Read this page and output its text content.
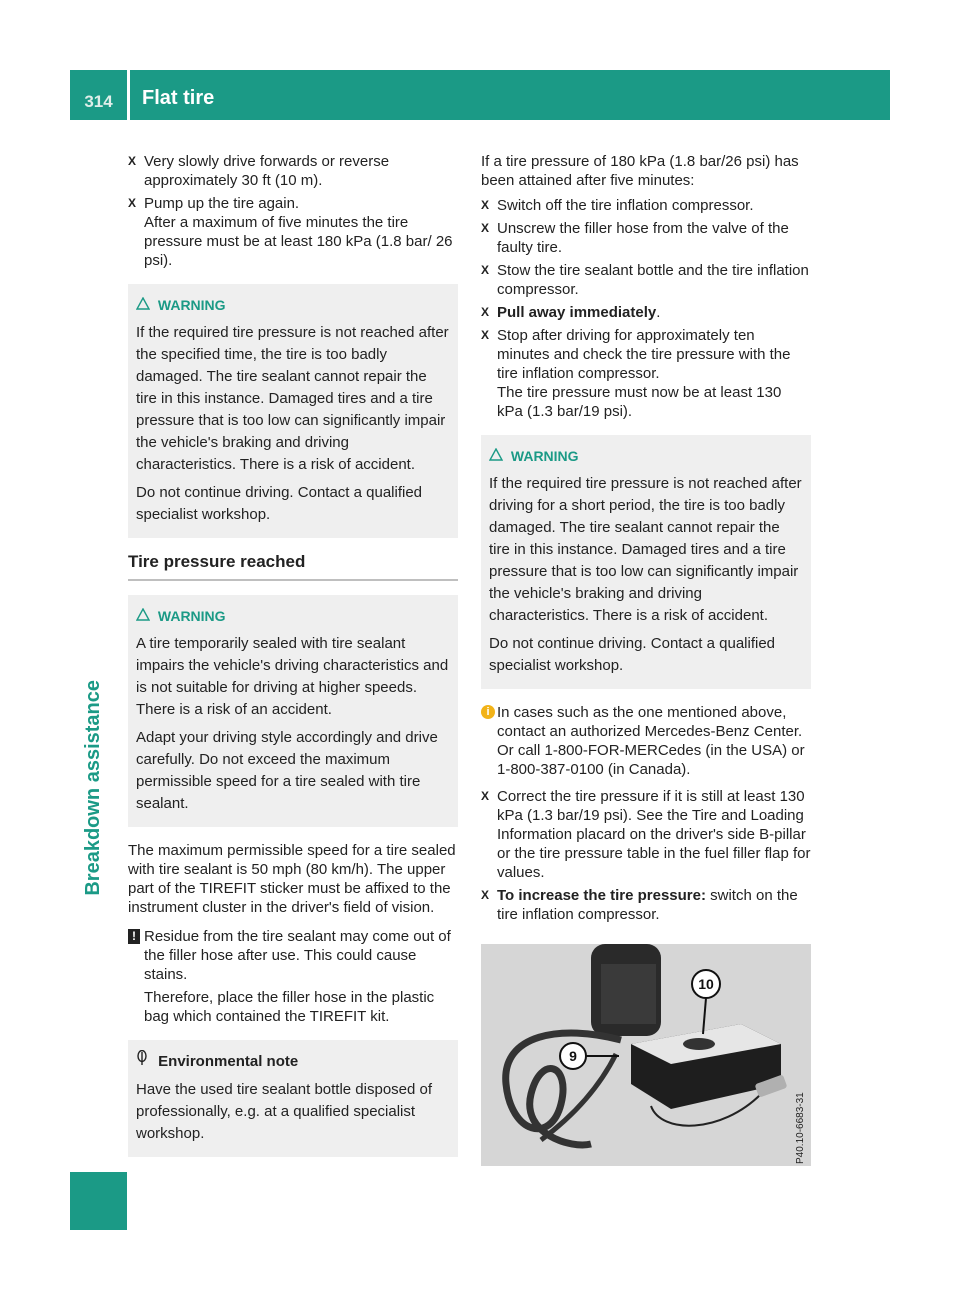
314	Flat tire
Breakdown assistance
X Very slowly drive forwards or reverse approximately 30 ft (10 m).

X Pump up the tire again.

After a maximum of five minutes the tire pressure must be at least 180 kPa (1.8 bar/ 26 psi).

WARNING

If the required tire pressure is not reached after the specified time, the tire is too badly damaged. The tire sealant cannot repair the tire in this instance. Damaged tires and a tire pressure that is too low can significantly impair the vehicle's braking and driving characteristics. There is a risk of accident.

Do not continue driving. Contact a qualified specialist workshop.

Tire pressure reached
WARNING

A tire temporarily sealed with tire sealant impairs the vehicle's driving characteristics and is not suitable for driving at higher speeds. There is a risk of an accident.

Adapt your driving style accordingly and drive carefully. Do not exceed the maximum permissible speed for a tire sealed with tire sealant.

The maximum permissible speed for a tire sealed with tire sealant is 50 mph (80 km/h). The upper part of the TIREFIT sticker must be affixed to the instrument cluster in the driver's field of vision.

! Residue from the tire sealant may come out of the filler hose after use. This could cause stains.

Therefore, place the filler hose in the plastic bag which contained the TIREFIT kit.

Environmental note

Have the used tire sealant bottle disposed of professionally, e.g. at a qualified specialist workshop.

If a tire pressure of 180 kPa (1.8 bar/26 psi) has been attained after five minutes:

X Switch off the tire inflation compressor.

X Unscrew the filler hose from the valve of the faulty tire.

X Stow the tire sealant bottle and the tire inflation compressor.

X Pull away immediately.

X Stop after driving for approximately ten minutes and check the tire pressure with the tire inflation compressor.

The tire pressure must now be at least 130 kPa (1.3 bar/19 psi).

WARNING

If the required tire pressure is not reached after driving for a short period, the tire is too badly damaged. The tire sealant cannot repair the tire in this instance. Damaged tires and a tire pressure that is too low can significantly impair the vehicle's braking and driving characteristics. There is a risk of accident.

Do not continue driving. Contact a qualified specialist workshop.

i In cases such as the one mentioned above, contact an authorized Mercedes-Benz Center. Or call 1-800-FOR-MERCedes (in the USA) or 1-800-387-0100 (in Canada).

X Correct the tire pressure if it is still at least 130 kPa (1.3 bar/19 psi). See the Tire and Loading Information placard on the driver's side B-pillar or the tire pressure table in the fuel filler flap for values.

X To increase the tire pressure: switch on the tire inflation compressor.

10
9
P40.10-6683-31
